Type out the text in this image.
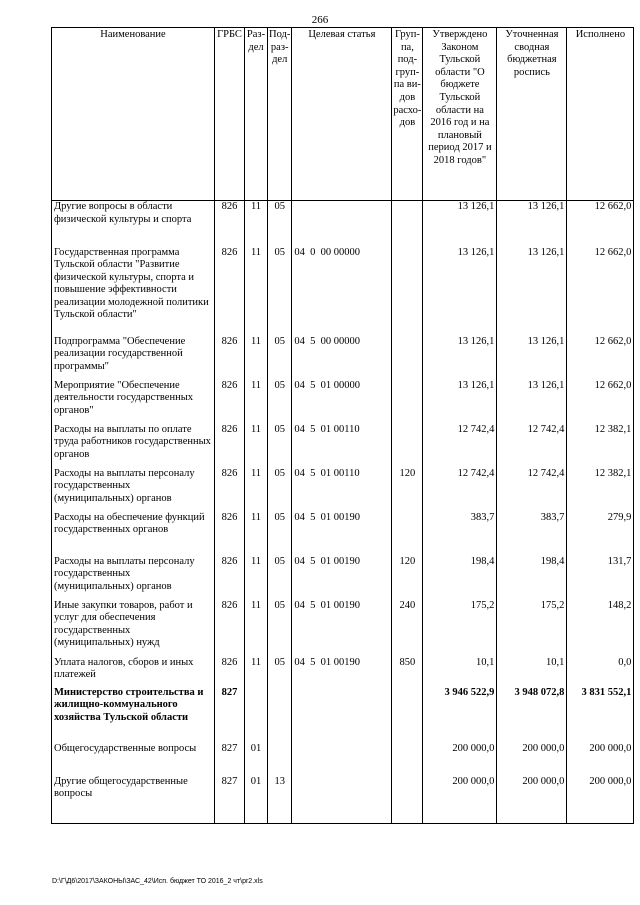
266
Наименование	ГРБС	Раз-дел	Под-раз-дел	Целевая статья	Груп-па, под-груп-па ви-дов расхо-дов	Утверждено Законом Тульской области "О бюджете Тульской области на 2016 год и на плановый период 2017 и 2018 годов"	Уточненная сводная бюджетная роспись	Исполнено
Другие вопросы в области физической культуры и спорта	826	11	05			13 126,1	13 126,1	12 662,0
Государственная программа Тульской области "Развитие физической культуры, спорта и повышение эффективности реализации молодежной политики Тульской области"	826	11	05	04  0  00 00000		13 126,1	13 126,1	12 662,0
Подпрограмма "Обеспечение реализации государственной программы"	826	11	05	04  5  00 00000		13 126,1	13 126,1	12 662,0
Мероприятие "Обеспечение деятельности государственных органов"	826	11	05	04  5  01 00000		13 126,1	13 126,1	12 662,0
Расходы на выплаты по оплате труда работников государственных органов	826	11	05	04  5  01 00110		12 742,4	12 742,4	12 382,1
Расходы на выплаты персоналу государственных (муниципальных) органов	826	11	05	04  5  01 00110	120	12 742,4	12 742,4	12 382,1
Расходы на обеспечение функций государственных органов	826	11	05	04  5  01 00190		383,7	383,7	279,9
Расходы на выплаты персоналу государственных (муниципальных) органов	826	11	05	04  5  01 00190	120	198,4	198,4	131,7
Иные закупки товаров, работ и услуг для обеспечения государственных (муниципальных) нужд	826	11	05	04  5  01 00190	240	175,2	175,2	148,2
Уплата налогов, сборов и иных платежей	826	11	05	04  5  01 00190	850	10,1	10,1	0,0
Министерство строительства и жилищно-коммунального хозяйства Тульской области	827					3 946 522,9	3 948 072,8	3 831 552,1
Общегосударственные вопросы	827	01				200 000,0	200 000,0	200 000,0
Другие общегосударственные вопросы	827	01	13			200 000,0	200 000,0	200 000,0
D:\Г\Д6\2017\ЗАКОНЫ\ЗАС_42\Исп. бюджет ТО 2016_2 чт\pr2.xls
